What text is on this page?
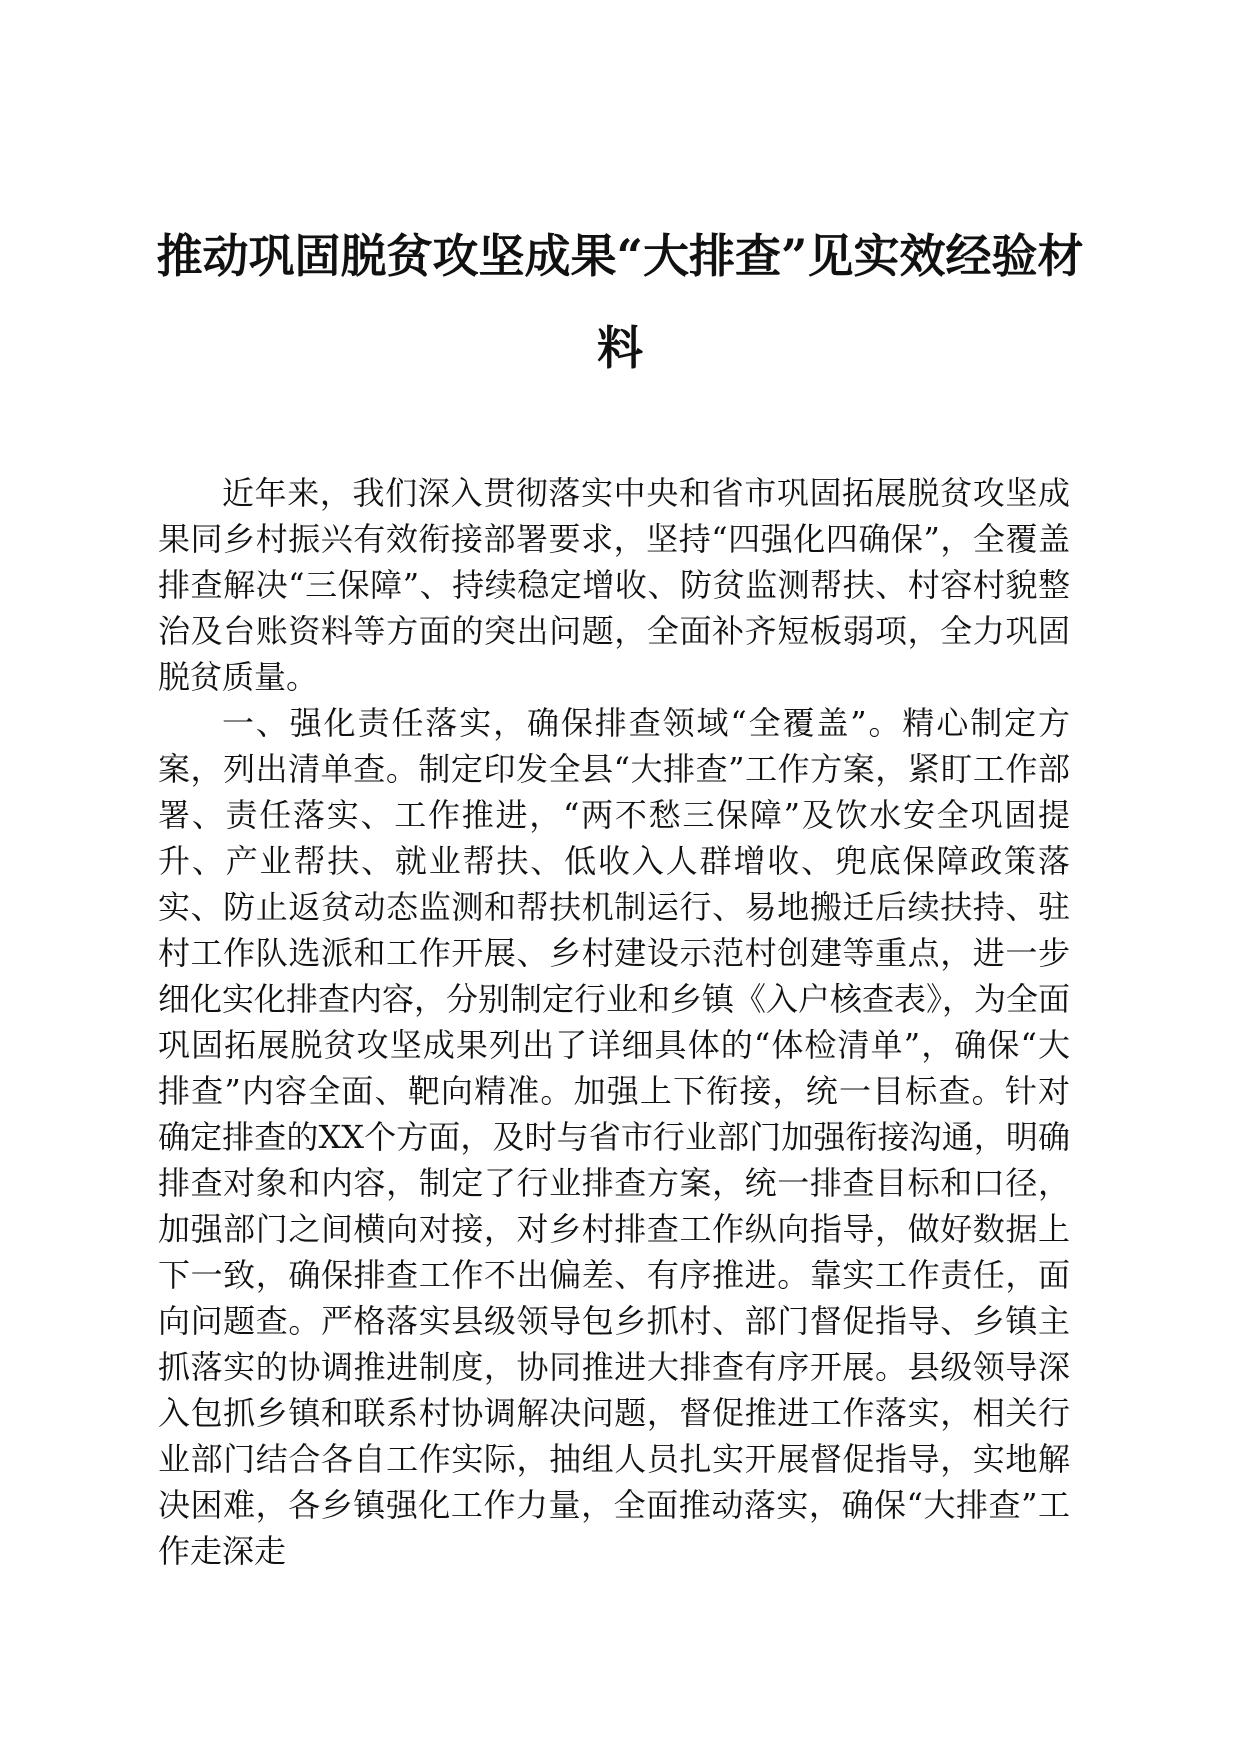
推动巩固脱贫攻坚成果“大排查”见实效经验材料

近年来，我们深入贯彻落实中央和省市巩固拓展脱贫攻坚成果同乡村振兴有效衔接部署要求，坚持“四强化四确保”，全覆盖排查解决“三保障”、持续稳定增收、防贫监测帮扶、村容村貌整治及台账资料等方面的突出问题，全面补齐短板弱项，全力巩固脱贫质量。

一、强化责任落实，确保排查领域“全覆盖”。精心制定方案，列出清单查。制定印发全县“大排查”工作方案，紧盯工作部署、责任落实、工作推进，“两不愁三保障”及饮水安全巩固提升、产业帮扶、就业帮扶、低收入人群增收、兜底保障政策落实、防止返贫动态监测和帮扶机制运行、易地搬迁后续扶持、驻村工作队选派和工作开展、乡村建设示范村创建等重点，进一步细化实化排查内容，分别制定行业和乡镇《入户核查表》，为全面巩固拓展脱贫攻坚成果列出了详细具体的“体检清单”，确保“大排查”内容全面、靶向精准。加强上下衔接，统一目标查。针对确定排查的XX个方面，及时与省市行业部门加强衔接沟通，明确排查对象和内容，制定了行业排查方案，统一排查目标和口径，加强部门之间横向对接，对乡村排查工作纵向指导，做好数据上下一致，确保排查工作不出偏差、有序推进。靠实工作责任，面向问题查。严格落实县级领导包乡抓村、部门督促指导、乡镇主抓落实的协调推进制度，协同推进大排查有序开展。县级领导深入包抓乡镇和联系村协调解决问题，督促推进工作落实，相关行业部门结合各自工作实际，抽组人员扎实开展督促指导，实地解决困难，各乡镇强化工作力量，全面推动落实，确保“大排查”工作走深走
